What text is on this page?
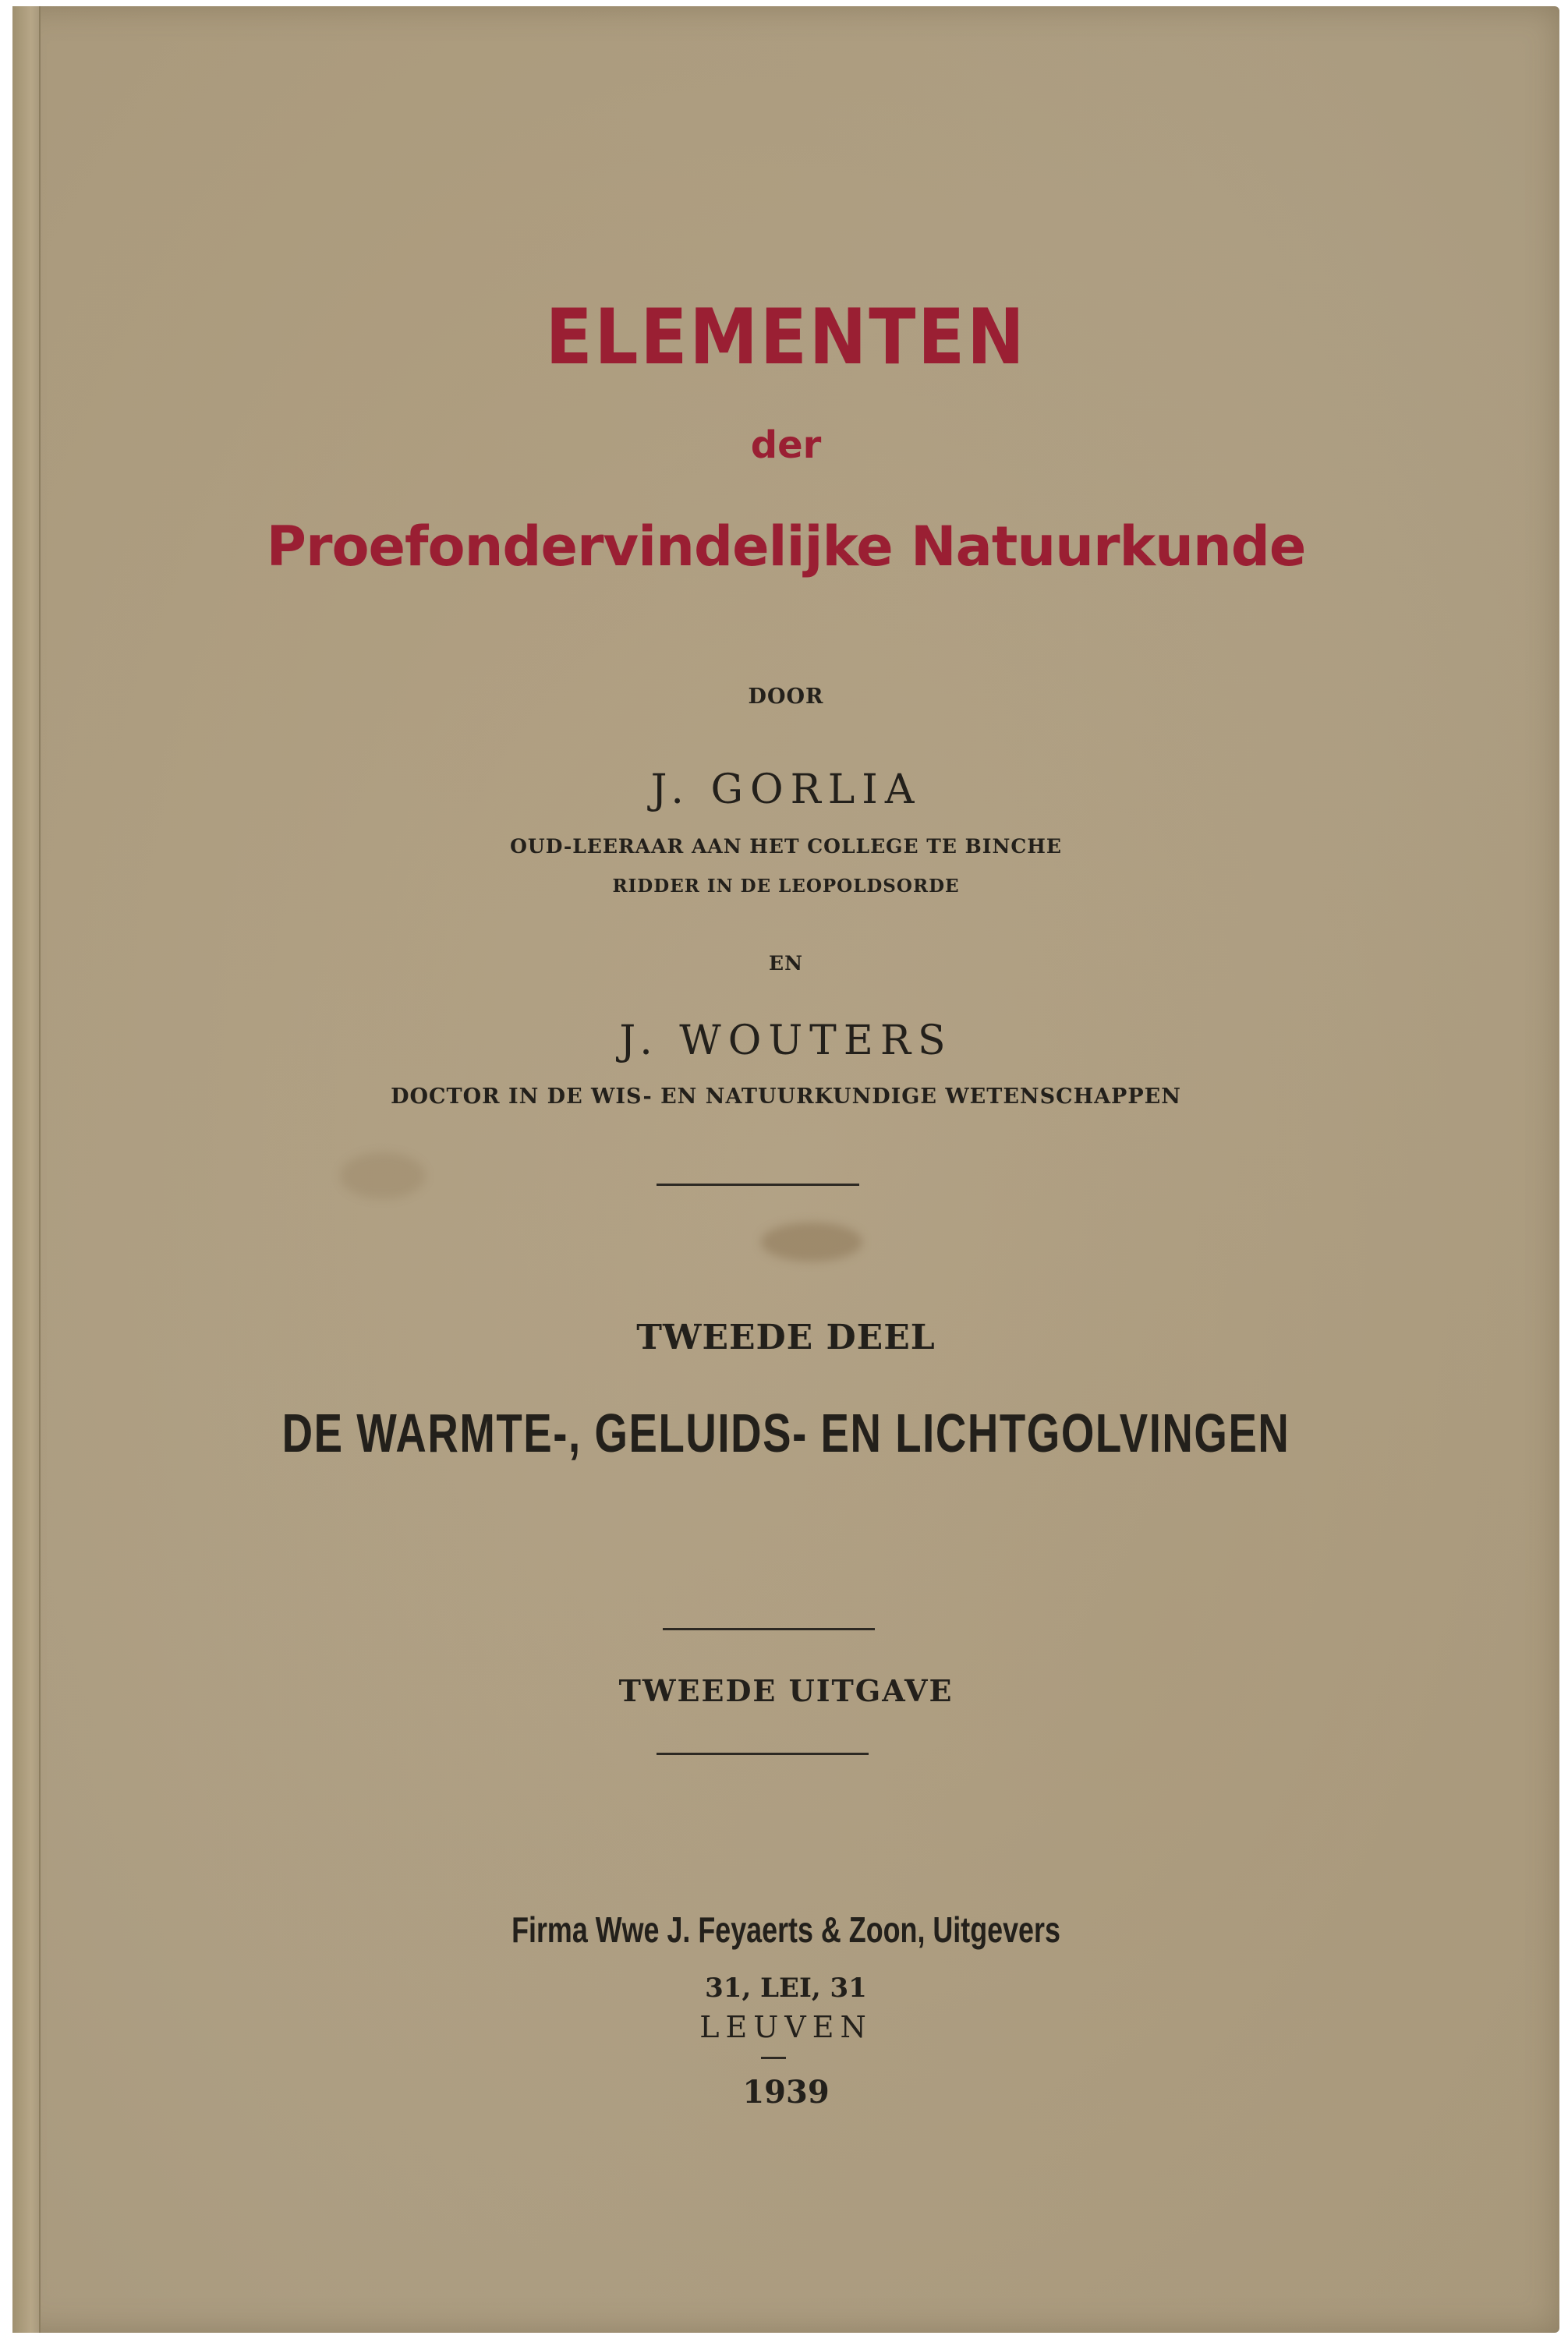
ELEMENTEN
der
Proefondervindelijke Natuurkunde
DOOR
J. GORLIA
OUD-LEERAAR AAN HET COLLEGE TE BINCHE
RIDDER IN DE LEOPOLDSORDE
EN
J. WOUTERS
DOCTOR IN DE WIS- EN NATUURKUNDIGE WETENSCHAPPEN
TWEEDE DEEL
DE WARMTE-, GELUIDS- EN LICHTGOLVINGEN
TWEEDE UITGAVE
Firma Wwe J. Feyaerts & Zoon, Uitgevers
31, LEI, 31
LEUVEN
1939
